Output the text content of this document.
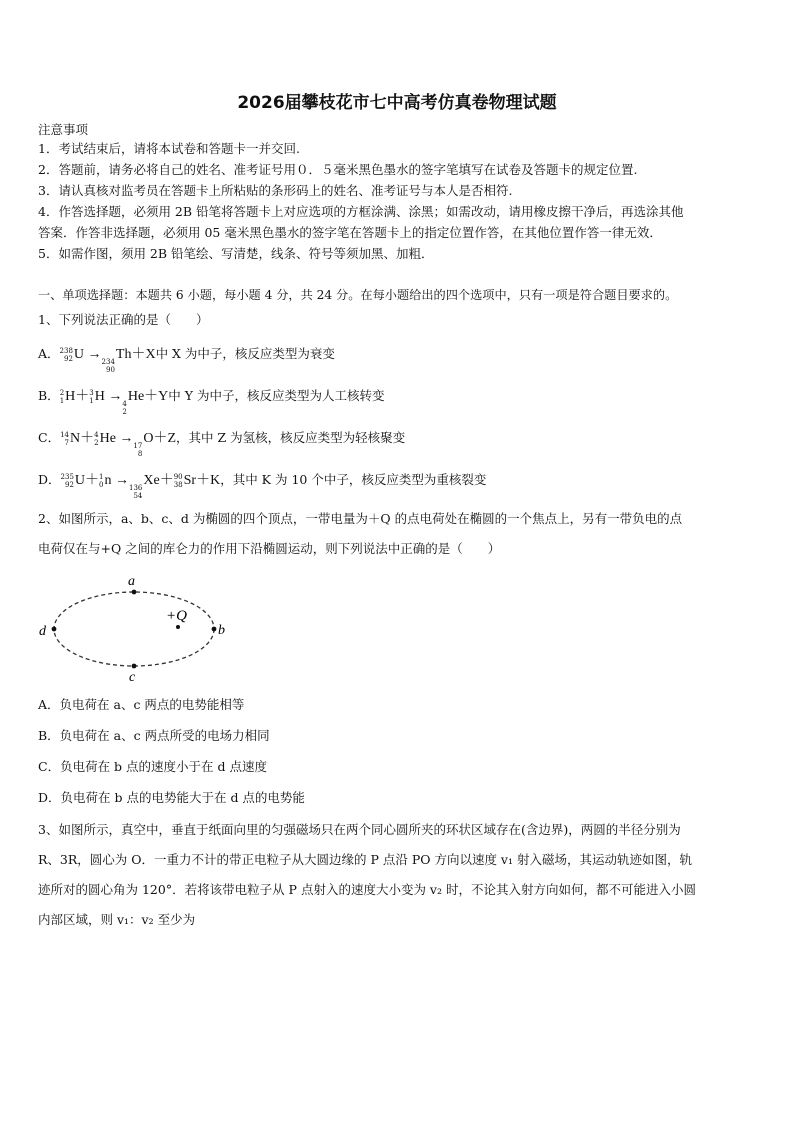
2026届攀枝花市七中高考仿真卷物理试题
注意事项
1．考试结束后，请将本试卷和答题卡一并交回.
2．答题前，请务必将自己的姓名、准考证号用０．５毫米黑色墨水的签字笔填写在试卷及答题卡的规定位置.
3．请认真核对监考员在答题卡上所粘贴的条形码上的姓名、准考证号与本人是否相符.
4．作答选择题，必须用 2B 铅笔将答题卡上对应选项的方框涂满、涂黑；如需改动，请用橡皮擦干净后，再选涂其他
答案．作答非选择题，必须用 05 毫米黑色墨水的签字笔在答题卡上的指定位置作答，在其他位置作答一律无效．
5．如需作图，须用 2B 铅笔绘、写清楚，线条、符号等须加黑、加粗．
一、单项选择题：本题共 6 小题，每小题 4 分，共 24 分。在每小题给出的四个选项中，只有一项是符合题目要求的。
1、下列说法正确的是（　　）
A． 238
92 U → 234
90
Th＋X中 X 为中子，核反应类型为衰变
B． 2
1 H＋ 3
1 H → 4
2
He＋Y中 Y 为中子，核反应类型为人工核转变
C． 14
7 N＋ 4
2 He → 17
8
O＋Z，其中 Z 为氢核，核反应类型为轻核聚变
D． 235
92 U＋ 1
0 n → 136
54
Xe＋ 90
38 Sr＋K，其中 K 为 10 个中子，核反应类型为重核裂变
2、如图所示，a、b、c、d 为椭圆的四个顶点，一带电量为＋Q 的点电荷处在椭圆的一个焦点上，另有一带负电的点
电荷仅在与+Q 之间的库仑力的作用下沿椭圆运动，则下列说法中正确的是（　　）
a
b
c
d
+Q
A．负电荷在 a、c 两点的电势能相等
B．负电荷在 a、c 两点所受的电场力相同
C．负电荷在 b 点的速度小于在 d 点速度
D．负电荷在 b 点的电势能大于在 d 点的电势能
3、如图所示，真空中，垂直于纸面向里的匀强磁场只在两个同心圆所夹的环状区域存在(含边界)，两圆的半径分别为
R、3R，圆心为 O．一重力不计的带正电粒子从大圆边缘的 P 点沿 PO 方向以速度 v₁ 射入磁场，其运动轨迹如图，轨
迹所对的圆心角为 120°．若将该带电粒子从 P 点射入的速度大小变为 v₂ 时，不论其入射方向如何，都不可能进入小圆
内部区域，则 v₁：v₂ 至少为
